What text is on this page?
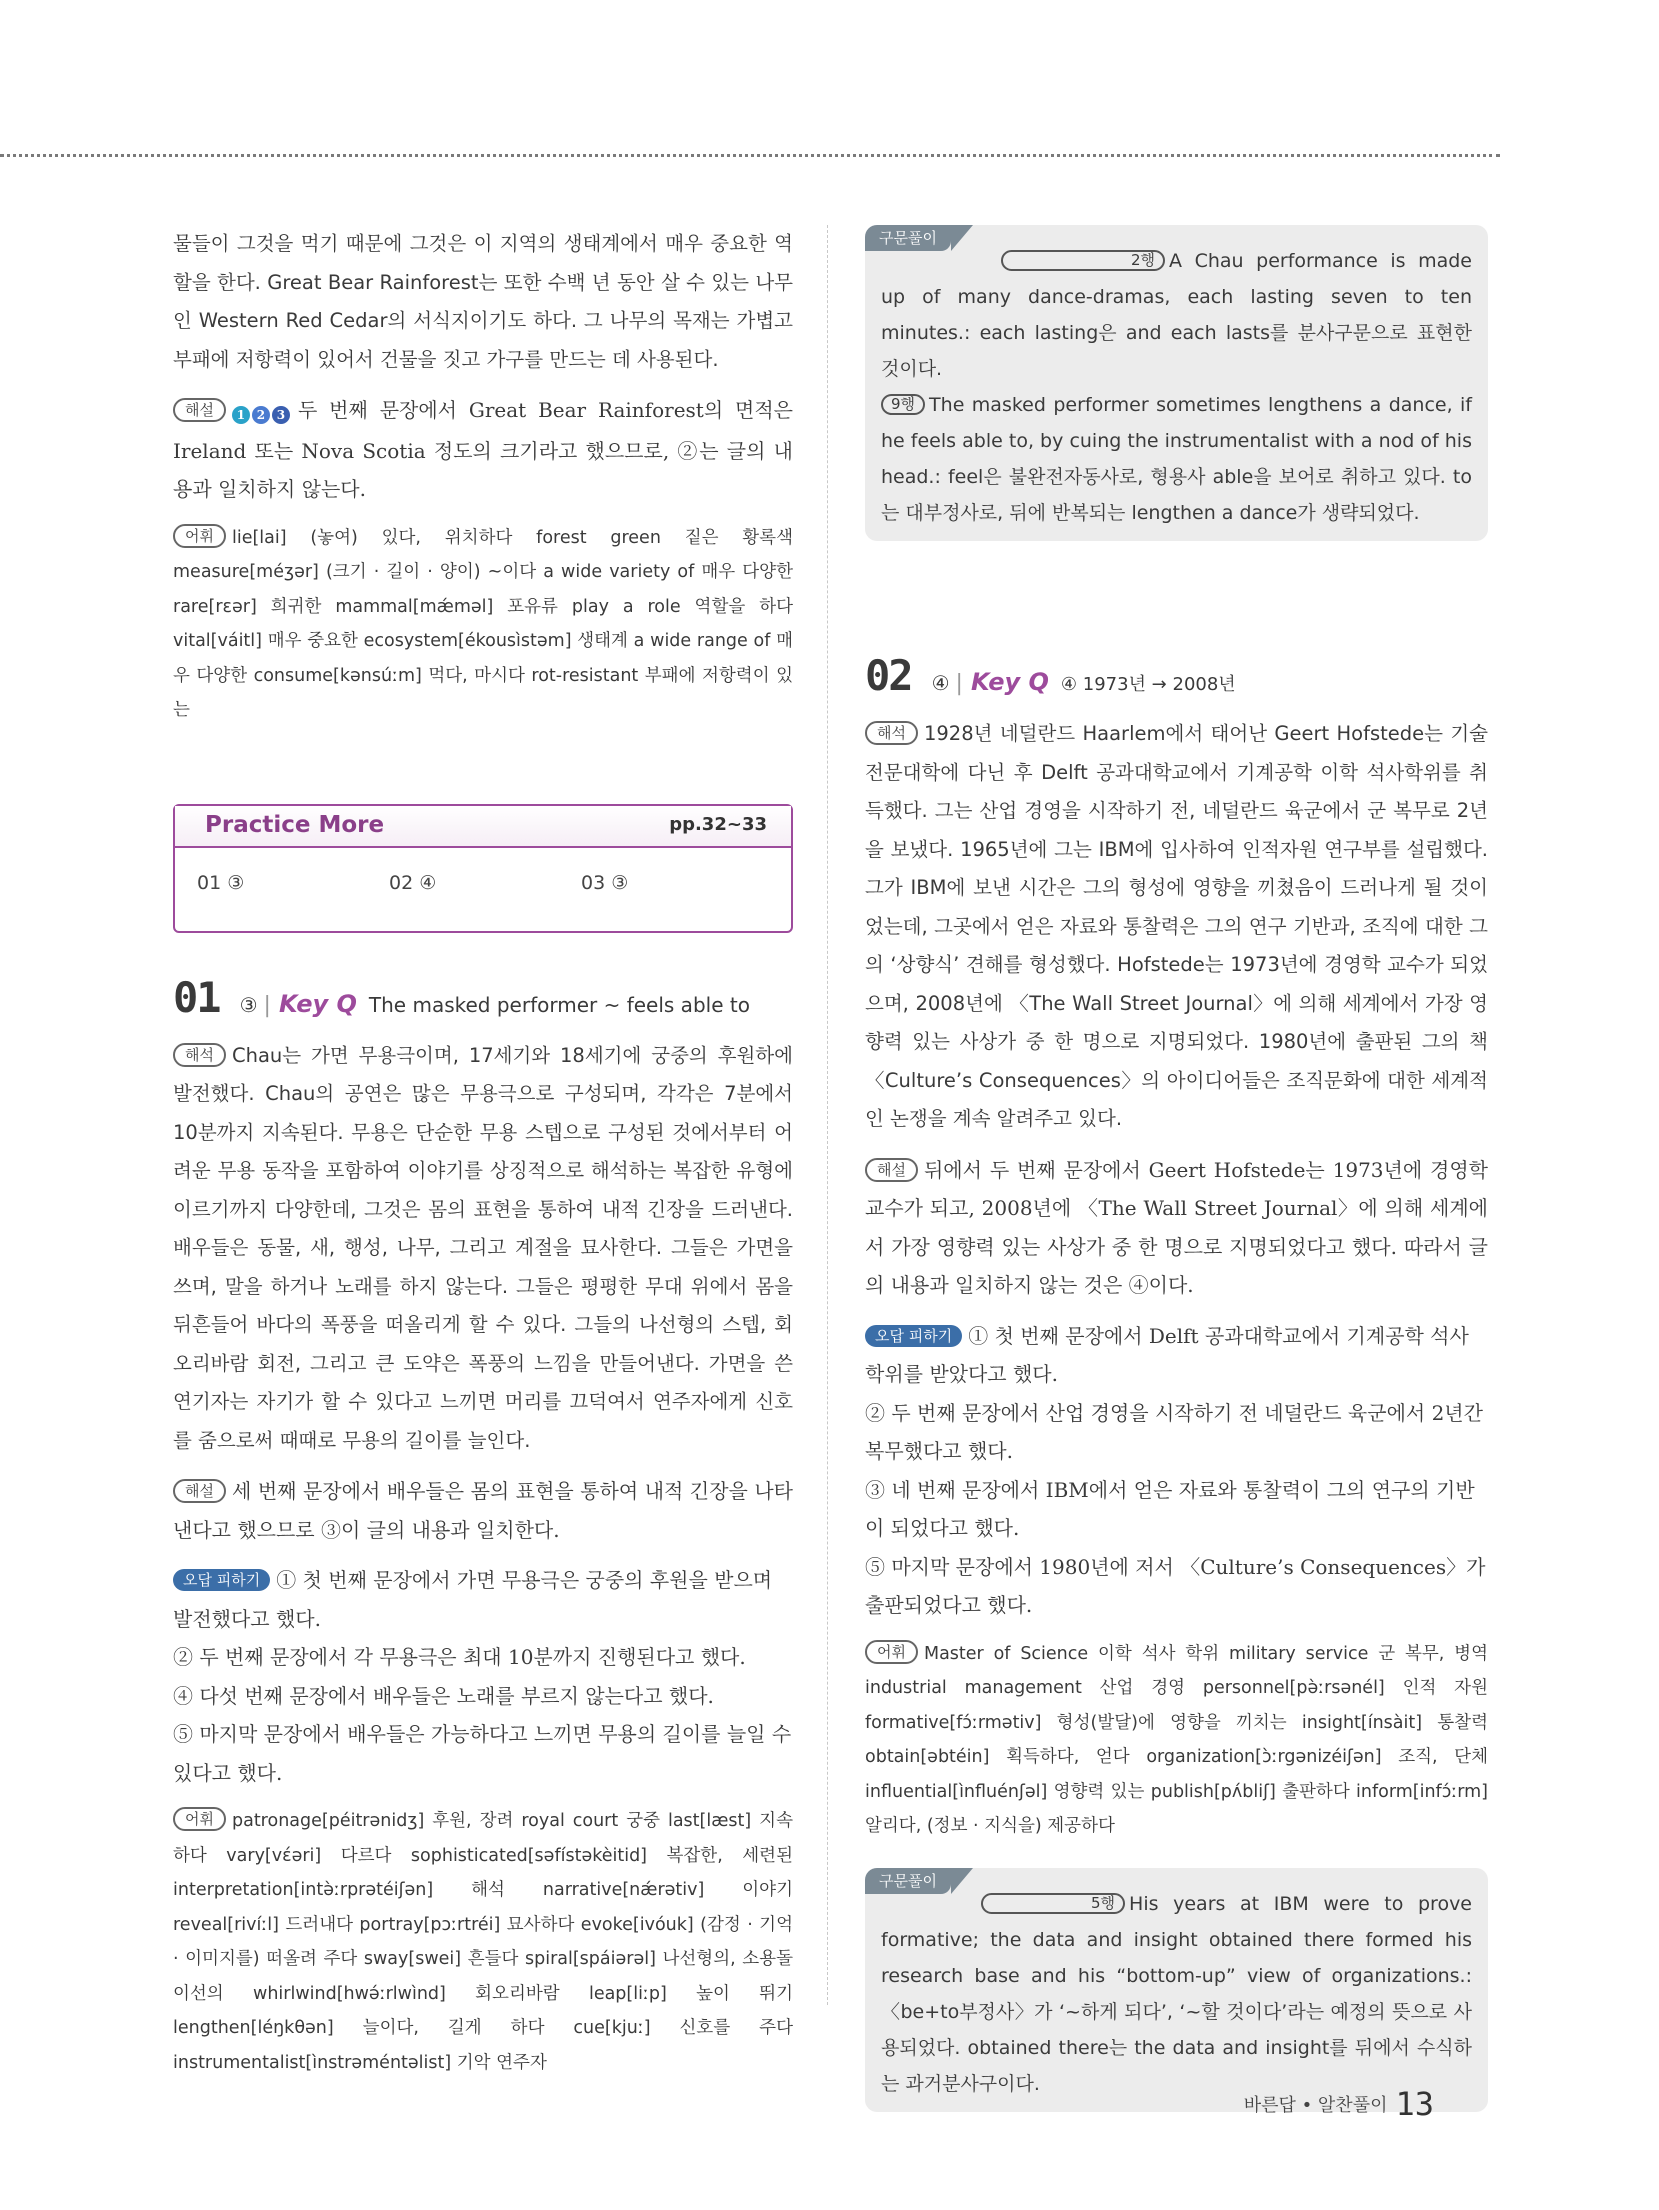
물들이 그것을 먹기 때문에 그것은 이 지역의 생태계에서 매우 중요한 역할을 한다. Great Bear Rainforest는 또한 수백 년 동안 살 수 있는 나무인 Western Red Cedar의 서식지이기도 하다. 그 나무의 목재는 가볍고 부패에 저항력이 있어서 건물을 짓고 가구를 만드는 데 사용된다.

해설 1 2 3 두 번째 문장에서 Great Bear Rainforest의 면적은 Ireland 또는 Nova Scotia 정도의 크기라고 했으므로, ②는 글의 내용과 일치하지 않는다.

어휘 lie[lai] (놓여) 있다, 위치하다 forest green 짙은 황록색 measure[méʒər] (크기 · 길이 · 양이) ~이다 a wide variety of 매우 다양한 rare[rɛər] 희귀한 mammal[mǽməl] 포유류 play a role 역할을 하다 vital[váitl] 매우 중요한 ecosystem[ékousìstəm] 생태계 a wide range of 매우 다양한 consume[kənsúːm] 먹다, 마시다 rot-resistant 부패에 저항력이 있는

Practice More	pp.32~33
01 ③	02 ④	03 ③
01 ③ | Key Q The masked performer ~ feels able to

해석 Chau는 가면 무용극이며, 17세기와 18세기에 궁중의 후원하에 발전했다. Chau의 공연은 많은 무용극으로 구성되며, 각각은 7분에서 10분까지 지속된다. 무용은 단순한 무용 스텝으로 구성된 것에서부터 어려운 무용 동작을 포함하여 이야기를 상징적으로 해석하는 복잡한 유형에 이르기까지 다양한데, 그것은 몸의 표현을 통하여 내적 긴장을 드러낸다. 배우들은 동물, 새, 행성, 나무, 그리고 계절을 묘사한다. 그들은 가면을 쓰며, 말을 하거나 노래를 하지 않는다. 그들은 평평한 무대 위에서 몸을 뒤흔들어 바다의 폭풍을 떠올리게 할 수 있다. 그들의 나선형의 스텝, 회오리바람 회전, 그리고 큰 도약은 폭풍의 느낌을 만들어낸다. 가면을 쓴 연기자는 자기가 할 수 있다고 느끼면 머리를 끄덕여서 연주자에게 신호를 줌으로써 때때로 무용의 길이를 늘인다.

해설 세 번째 문장에서 배우들은 몸의 표현을 통하여 내적 긴장을 나타낸다고 했으므로 ③이 글의 내용과 일치한다.

오답 피하기 ① 첫 번째 문장에서 가면 무용극은 궁중의 후원을 받으며 발전했다고 했다.
② 두 번째 문장에서 각 무용극은 최대 10분까지 진행된다고 했다.
④ 다섯 번째 문장에서 배우들은 노래를 부르지 않는다고 했다.
⑤ 마지막 문장에서 배우들은 가능하다고 느끼면 무용의 길이를 늘일 수 있다고 했다.

어휘 patronage[péitrənidʒ] 후원, 장려 royal court 궁중 last[læst] 지속하다 vary[vέəri] 다르다 sophisticated[səfístəkèitid] 복잡한, 세련된 interpretation[intə̀ːrprətéiʃən] 해석 narrative[nǽrətiv] 이야기 reveal[rivíːl] 드러내다 portray[pɔːrtréi] 묘사하다 evoke[ivóuk] (감정 · 기억 · 이미지를) 떠올려 주다 sway[swei] 흔들다 spiral[spáiərəl] 나선형의, 소용돌이선의 whirlwind[hwə́ːrlwìnd] 회오리바람 leap[liːp] 높이 뛰기 lengthen[léŋkθən] 늘이다, 길게 하다 cue[kjuː] 신호를 주다 instrumentalist[ìnstrəméntəlist] 기악 연주자

구문풀이

2행 A Chau performance is made up of many dance-dramas, each lasting seven to ten minutes.: each lasting은 and each lasts를 분사구문으로 표현한 것이다.

9행 The masked performer sometimes lengthens a dance, if he feels able to, by cuing the instrumentalist with a nod of his head.: feel은 불완전자동사로, 형용사 able을 보어로 취하고 있다. to는 대부정사로, 뒤에 반복되는 lengthen a dance가 생략되었다.

02 ④ | Key Q ④ 1973년 → 2008년

해석 1928년 네덜란드 Haarlem에서 태어난 Geert Hofstede는 기술전문대학에 다닌 후 Delft 공과대학교에서 기계공학 이학 석사학위를 취득했다. 그는 산업 경영을 시작하기 전, 네덜란드 육군에서 군 복무로 2년을 보냈다. 1965년에 그는 IBM에 입사하여 인적자원 연구부를 설립했다. 그가 IBM에 보낸 시간은 그의 형성에 영향을 끼쳤음이 드러나게 될 것이었는데, 그곳에서 얻은 자료와 통찰력은 그의 연구 기반과, 조직에 대한 그의 ‘상향식’ 견해를 형성했다. Hofstede는 1973년에 경영학 교수가 되었으며, 2008년에 〈The Wall Street Journal〉에 의해 세계에서 가장 영향력 있는 사상가 중 한 명으로 지명되었다. 1980년에 출판된 그의 책 〈Culture’s Consequences〉의 아이디어들은 조직문화에 대한 세계적인 논쟁을 계속 알려주고 있다.

해설 뒤에서 두 번째 문장에서 Geert Hofstede는 1973년에 경영학 교수가 되고, 2008년에 〈The Wall Street Journal〉에 의해 세계에서 가장 영향력 있는 사상가 중 한 명으로 지명되었다고 했다. 따라서 글의 내용과 일치하지 않는 것은 ④이다.

오답 피하기 ① 첫 번째 문장에서 Delft 공과대학교에서 기계공학 석사학위를 받았다고 했다.
② 두 번째 문장에서 산업 경영을 시작하기 전 네덜란드 육군에서 2년간 복무했다고 했다.
③ 네 번째 문장에서 IBM에서 얻은 자료와 통찰력이 그의 연구의 기반이 되었다고 했다.
⑤ 마지막 문장에서 1980년에 저서 〈Culture’s Consequences〉가 출판되었다고 했다.

어휘 Master of Science 이학 석사 학위 military service 군 복무, 병역 industrial management 산업 경영 personnel[pə̀ːrsənél] 인적 자원 formative[fɔ́ːrmətiv] 형성(발달)에 영향을 끼치는 insight[ínsàit] 통찰력 obtain[əbtéin] 획득하다, 얻다 organization[ɔ̀ːrgənizéiʃən] 조직, 단체 influential[ìnfluénʃəl] 영향력 있는 publish[pʌ́bliʃ] 출판하다 inform[infɔ́ːrm] 알리다, (정보 · 지식을) 제공하다

구문풀이

5행 His years at IBM were to prove formative; the data and insight obtained there formed his research base and his “bottom-up” view of organizations.: 〈be+to부정사〉가 ‘~하게 되다’, ‘~할 것이다’라는 예정의 뜻으로 사용되었다. obtained there는 the data and insight를 뒤에서 수식하는 과거분사구이다.

바른답 • 알찬풀이 13
